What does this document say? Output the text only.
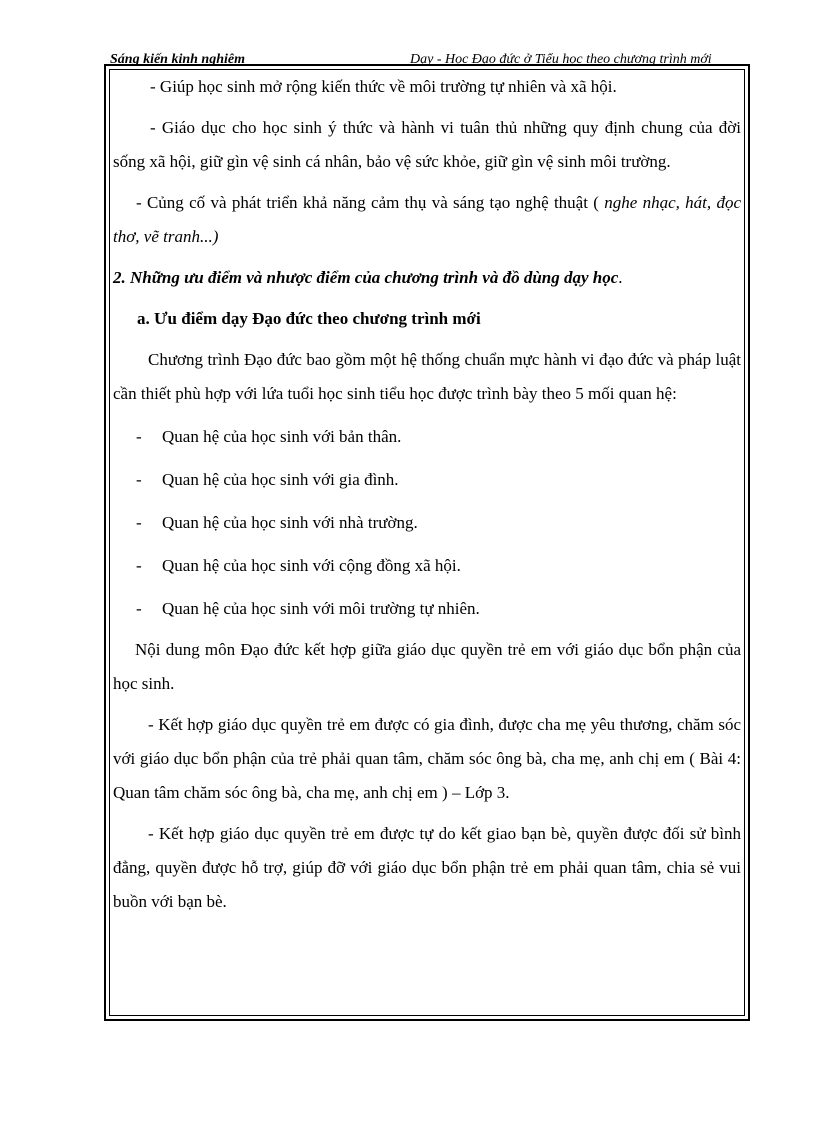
Sáng kiến kinh nghiệm	Dạy - Học Đạo đức ở Tiểu học theo chương trình mới

- Giúp học sinh mở rộng kiến thức về môi trường tự nhiên và xã hội.

- Giáo dục cho học sinh ý thức và hành vi tuân thủ những quy định chung của đời sống xã hội, giữ gìn vệ sinh cá nhân, bảo vệ sức khỏe, giữ gìn vệ sinh môi trường.

- Củng cố và phát triển khả năng cảm thụ và sáng tạo nghệ thuật ( nghe nhạc, hát, đọc thơ, vẽ tranh...)

2. Những ưu điểm và nhược điểm của chương trình và đồ dùng dạy học.

a. Ưu điểm dạy Đạo đức theo chương trình mới

Chương trình Đạo đức bao gồm một hệ thống chuẩn mực hành vi đạo đức và pháp luật cần thiết phù hợp với lứa tuổi học sinh tiểu học được trình bày theo 5 mối quan hệ:

- Quan hệ của học sinh với bản thân.

- Quan hệ của học sinh với gia đình.

- Quan hệ của học sinh với nhà trường.

- Quan hệ của học sinh với cộng đồng xã hội.

- Quan hệ của học sinh với môi trường tự nhiên.

Nội dung môn Đạo đức kết hợp giữa giáo dục quyền trẻ em với giáo dục bổn phận của học sinh.

- Kết hợp giáo dục quyền trẻ em được có gia đình, được cha mẹ yêu thương, chăm sóc với giáo dục bổn phận của trẻ phải quan tâm, chăm sóc ông bà, cha mẹ, anh chị em ( Bài 4: Quan tâm chăm sóc ông bà, cha mẹ, anh chị em ) – Lớp 3.

- Kết hợp giáo dục quyền trẻ em được tự do kết giao bạn bè, quyền được đối sử bình đẳng, quyền được hỗ trợ, giúp đỡ với giáo dục bổn phận trẻ em phải quan tâm, chia sẻ vui buồn với bạn bè.
